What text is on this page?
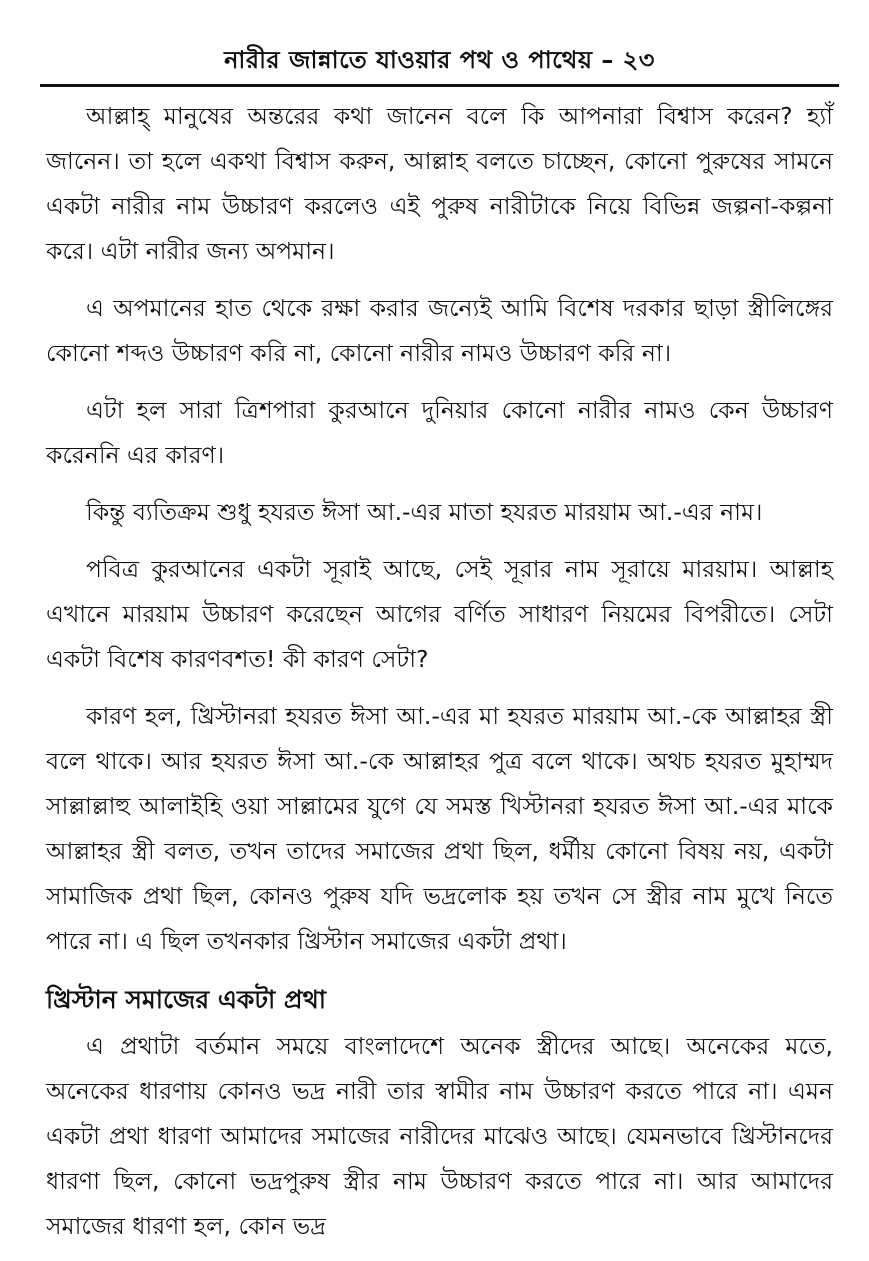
নারীর জান্নাতে যাওয়ার পথ ও পাথেয় – ২৩

আল্লাহ্ মানুষের অন্তরের কথা জানেন বলে কি আপনারা বিশ্বাস করেন? হ্যাঁ জানেন। তা হলে একথা বিশ্বাস করুন, আল্লাহ বলতে চাচ্ছেন, কোনো পুরুষের সামনে একটা নারীর নাম উচ্চারণ করলেও এই পুরুষ নারীটাকে নিয়ে বিভিন্ন জল্পনা-কল্পনা করে। এটা নারীর জন্য অপমান।

এ অপমানের হাত থেকে রক্ষা করার জন্যেই আমি বিশেষ দরকার ছাড়া স্ত্রীলিঙ্গের কোনো শব্দও উচ্চারণ করি না, কোনো নারীর নামও উচ্চারণ করি না।

এটা হল সারা ত্রিশপারা কুরআনে দুনিয়ার কোনো নারীর নামও কেন উচ্চারণ করেননি এর কারণ।

কিন্তু ব্যতিক্রম শুধু হযরত ঈসা আ.-এর মাতা হযরত মারয়াম আ.-এর নাম।

পবিত্র কুরআনের একটা সূরাই আছে, সেই সূরার নাম সূরায়ে মারয়াম। আল্লাহ এখানে মারয়াম উচ্চারণ করেছেন আগের বর্ণিত সাধারণ নিয়মের বিপরীতে। সেটা একটা বিশেষ কারণবশত! কী কারণ সেটা?

কারণ হল, খ্রিস্টানরা হযরত ঈসা আ.-এর মা হযরত মারয়াম আ.-কে আল্লাহর স্ত্রী বলে থাকে। আর হযরত ঈসা আ.-কে আল্লাহর পুত্র বলে থাকে। অথচ হযরত মুহাম্মদ সাল্লাল্লাহু আলাইহি ওয়া সাল্লামের যুগে যে সমস্ত খিস্টানরা হযরত ঈসা আ.-এর মাকে আল্লাহর স্ত্রী বলত, তখন তাদের সমাজের প্রথা ছিল, ধর্মীয় কোনো বিষয় নয়, একটা সামাজিক প্রথা ছিল, কোনও পুরুষ যদি ভদ্রলোক হয় তখন সে স্ত্রীর নাম মুখে নিতে পারে না। এ ছিল তখনকার খ্রিস্টান সমাজের একটা প্রথা।

খ্রিস্টান সমাজের একটা প্রথা

এ প্রথাটা বর্তমান সময়ে বাংলাদেশে অনেক স্ত্রীদের আছে। অনেকের মতে, অনেকের ধারণায় কোনও ভদ্র নারী তার স্বামীর নাম উচ্চারণ করতে পারে না। এমন একটা প্রথা ধারণা আমাদের সমাজের নারীদের মাঝেও আছে। যেমনভাবে খ্রিস্টানদের ধারণা ছিল, কোনো ভদ্রপুরুষ স্ত্রীর নাম উচ্চারণ করতে পারে না। আর আমাদের সমাজের ধারণা হল, কোন ভদ্র
